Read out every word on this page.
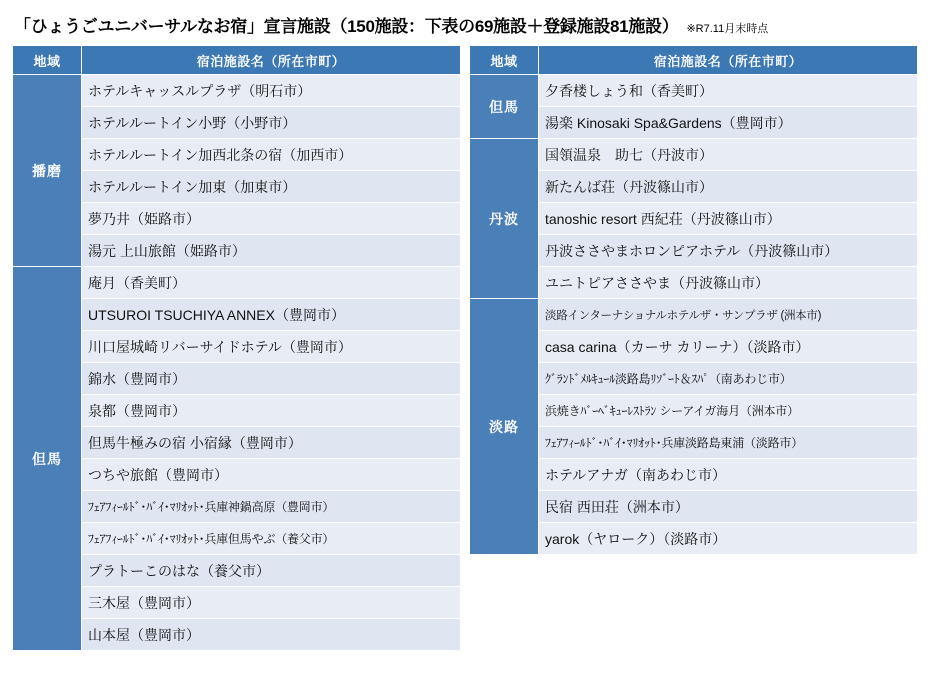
「ひょうごユニバーサルなお宿」宣言施設（150施設：下表の69施設＋登録施設81施設） ※R7.11月末時点
地域	宿泊施設名（所在市町）
播磨	ホテルキャッスルプラザ（明石市）
	ホテルルートイン小野（小野市）
	ホテルルートイン加西北条の宿（加西市）
	ホテルルートイン加東（加東市）
	夢乃井（姫路市）
	湯元 上山旅館（姫路市）
但馬	庵月（香美町）
	UTSUROI TSUCHIYA ANNEX（豊岡市）
	川口屋城崎リバーサイドホテル（豊岡市）
	錦水（豊岡市）
	泉都（豊岡市）
	但馬牛極みの宿 小宿縁（豊岡市）
	つちや旅館（豊岡市）
	ﾌｪｱﾌｨｰﾙﾄﾞ･ﾊﾞｲ･ﾏﾘｵｯﾄ･兵庫神鍋高原（豊岡市）
	ﾌｪｱﾌｨｰﾙﾄﾞ･ﾊﾞｲ･ﾏﾘｵｯﾄ･兵庫但馬やぶ（養父市）
	プラトーこのはな（養父市）
	三木屋（豊岡市）
	山本屋（豊岡市）
地域	宿泊施設名（所在市町）
但馬	夕香楼しょう和（香美町）
	湯楽 Kinosaki Spa&Gardens（豊岡市）
丹波	国領温泉　助七（丹波市）
	新たんば荘（丹波篠山市）
	tanoshic resort 西紀荘（丹波篠山市）
	丹波ささやまホロンピアホテル（丹波篠山市）
	ユニトピアささやま（丹波篠山市）
淡路	淡路インターナショナルホテルザ・サンプラザ (洲本市)
	casa carina（カーサ カリーナ）（淡路市）
	ｸﾞﾗﾝﾄﾞﾒﾙｷｭｰﾙ淡路島ﾘｿﾞｰﾄ＆ｽﾊﾟ（南あわじ市）
	浜焼きﾊﾞｰﾍﾞｷｭｰﾚｽﾄﾗﾝ シーアイガ海月（洲本市）
	ﾌｪｱﾌｨｰﾙﾄﾞ･ﾊﾞｲ･ﾏﾘｵｯﾄ･兵庫淡路島東浦（淡路市）
	ホテルアナガ（南あわじ市）
	民宿 西田荘（洲本市）
	yarok（ヤローク）（淡路市）
